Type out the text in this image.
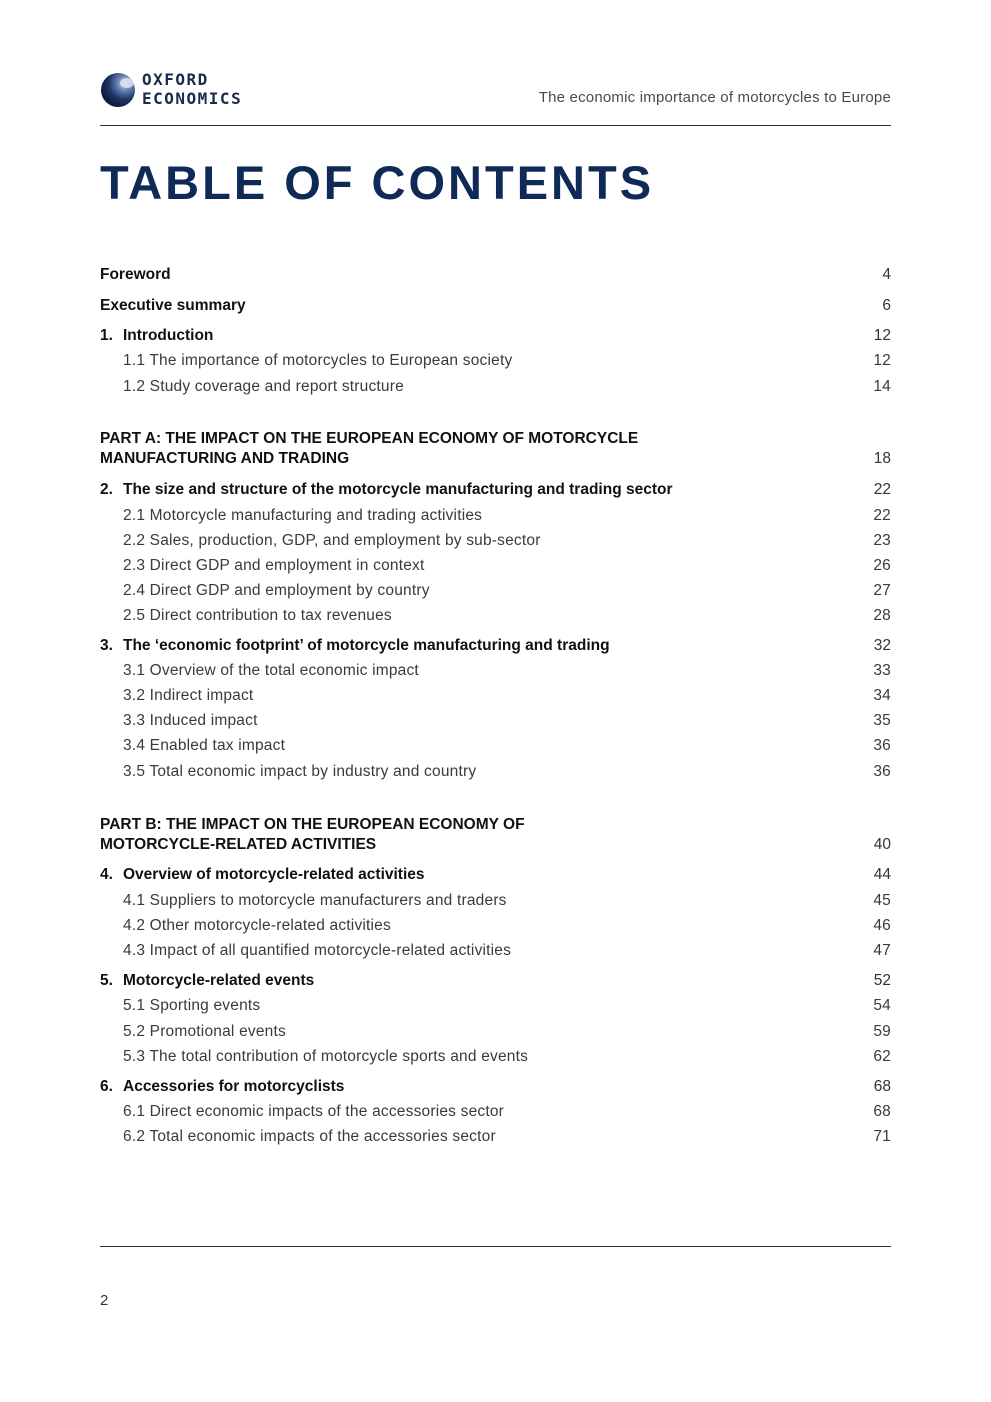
OXFORD
ECONOMICS	The economic importance of motorcycles to Europe
TABLE OF CONTENTS
Foreword	4
Executive summary	6
1. Introduction	12
1.1 The importance of motorcycles to European society	12
1.2 Study coverage and report structure	14
PART A: THE IMPACT ON THE EUROPEAN ECONOMY OF MOTORCYCLE
MANUFACTURING AND TRADING	18
2. The size and structure of the motorcycle manufacturing and trading sector	22
2.1 Motorcycle manufacturing and trading activities	22
2.2 Sales, production, GDP, and employment by sub-sector	23
2.3 Direct GDP and employment in context	26
2.4 Direct GDP and employment by country	27
2.5 Direct contribution to tax revenues	28
3. The ‘economic footprint’ of motorcycle manufacturing and trading	32
3.1 Overview of the total economic impact	33
3.2 Indirect impact	34
3.3 Induced impact	35
3.4 Enabled tax impact	36
3.5 Total economic impact by industry and country	36
PART B: THE IMPACT ON THE EUROPEAN ECONOMY OF
MOTORCYCLE-RELATED ACTIVITIES	40
4. Overview of motorcycle-related activities	44
4.1 Suppliers to motorcycle manufacturers and traders	45
4.2 Other motorcycle-related activities	46
4.3 Impact of all quantified motorcycle-related activities	47
5. Motorcycle-related events	52
5.1 Sporting events	54
5.2 Promotional events	59
5.3 The total contribution of motorcycle sports and events	62
6. Accessories for motorcyclists	68
6.1 Direct economic impacts of the accessories sector	68
6.2 Total economic impacts of the accessories sector	71
2
